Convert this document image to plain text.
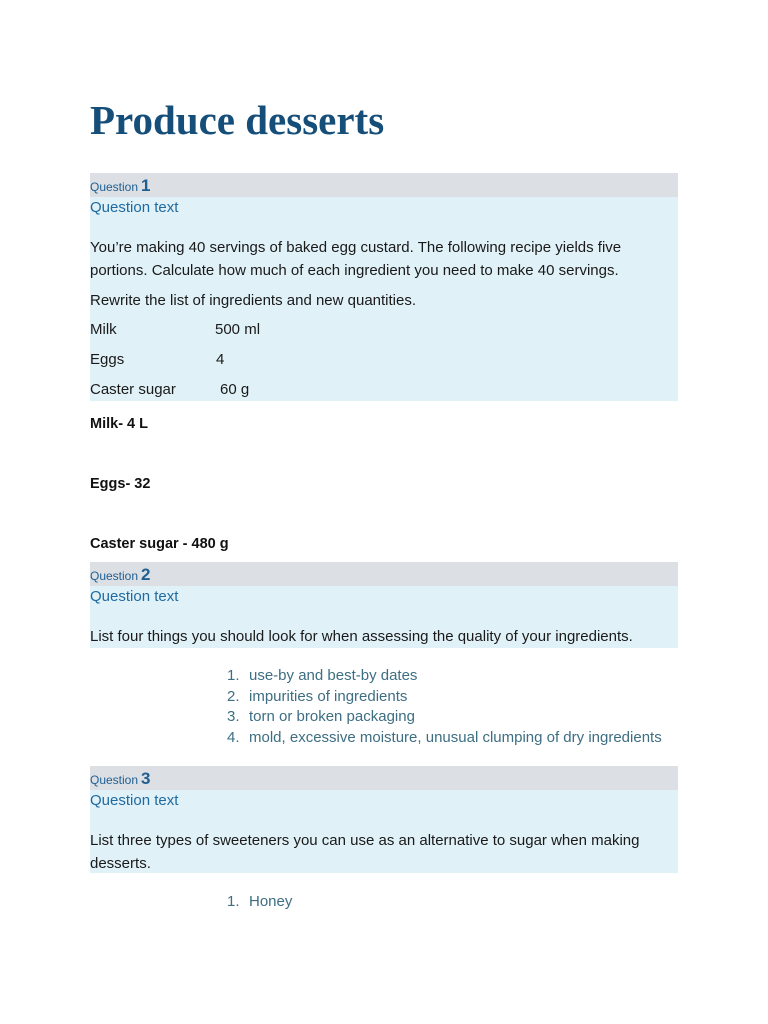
Produce desserts
Question 1
Question text
You’re making 40 servings of baked egg custard. The following recipe yields five portions. Calculate how much of each ingredient you need to make 40 servings.
Rewrite the list of ingredients and new quantities.
Milk	500 ml
Eggs	4
Caster sugar	60 g
Milk- 4 L
Eggs- 32
Caster sugar - 480 g
Question 2
Question text
List four things you should look for when assessing the quality of your ingredients.
1. use-by and best-by dates
2. impurities of ingredients
3. torn or broken packaging
4. mold, excessive moisture, unusual clumping of dry ingredients
Question 3
Question text
List three types of sweeteners you can use as an alternative to sugar when making desserts.
1. Honey
